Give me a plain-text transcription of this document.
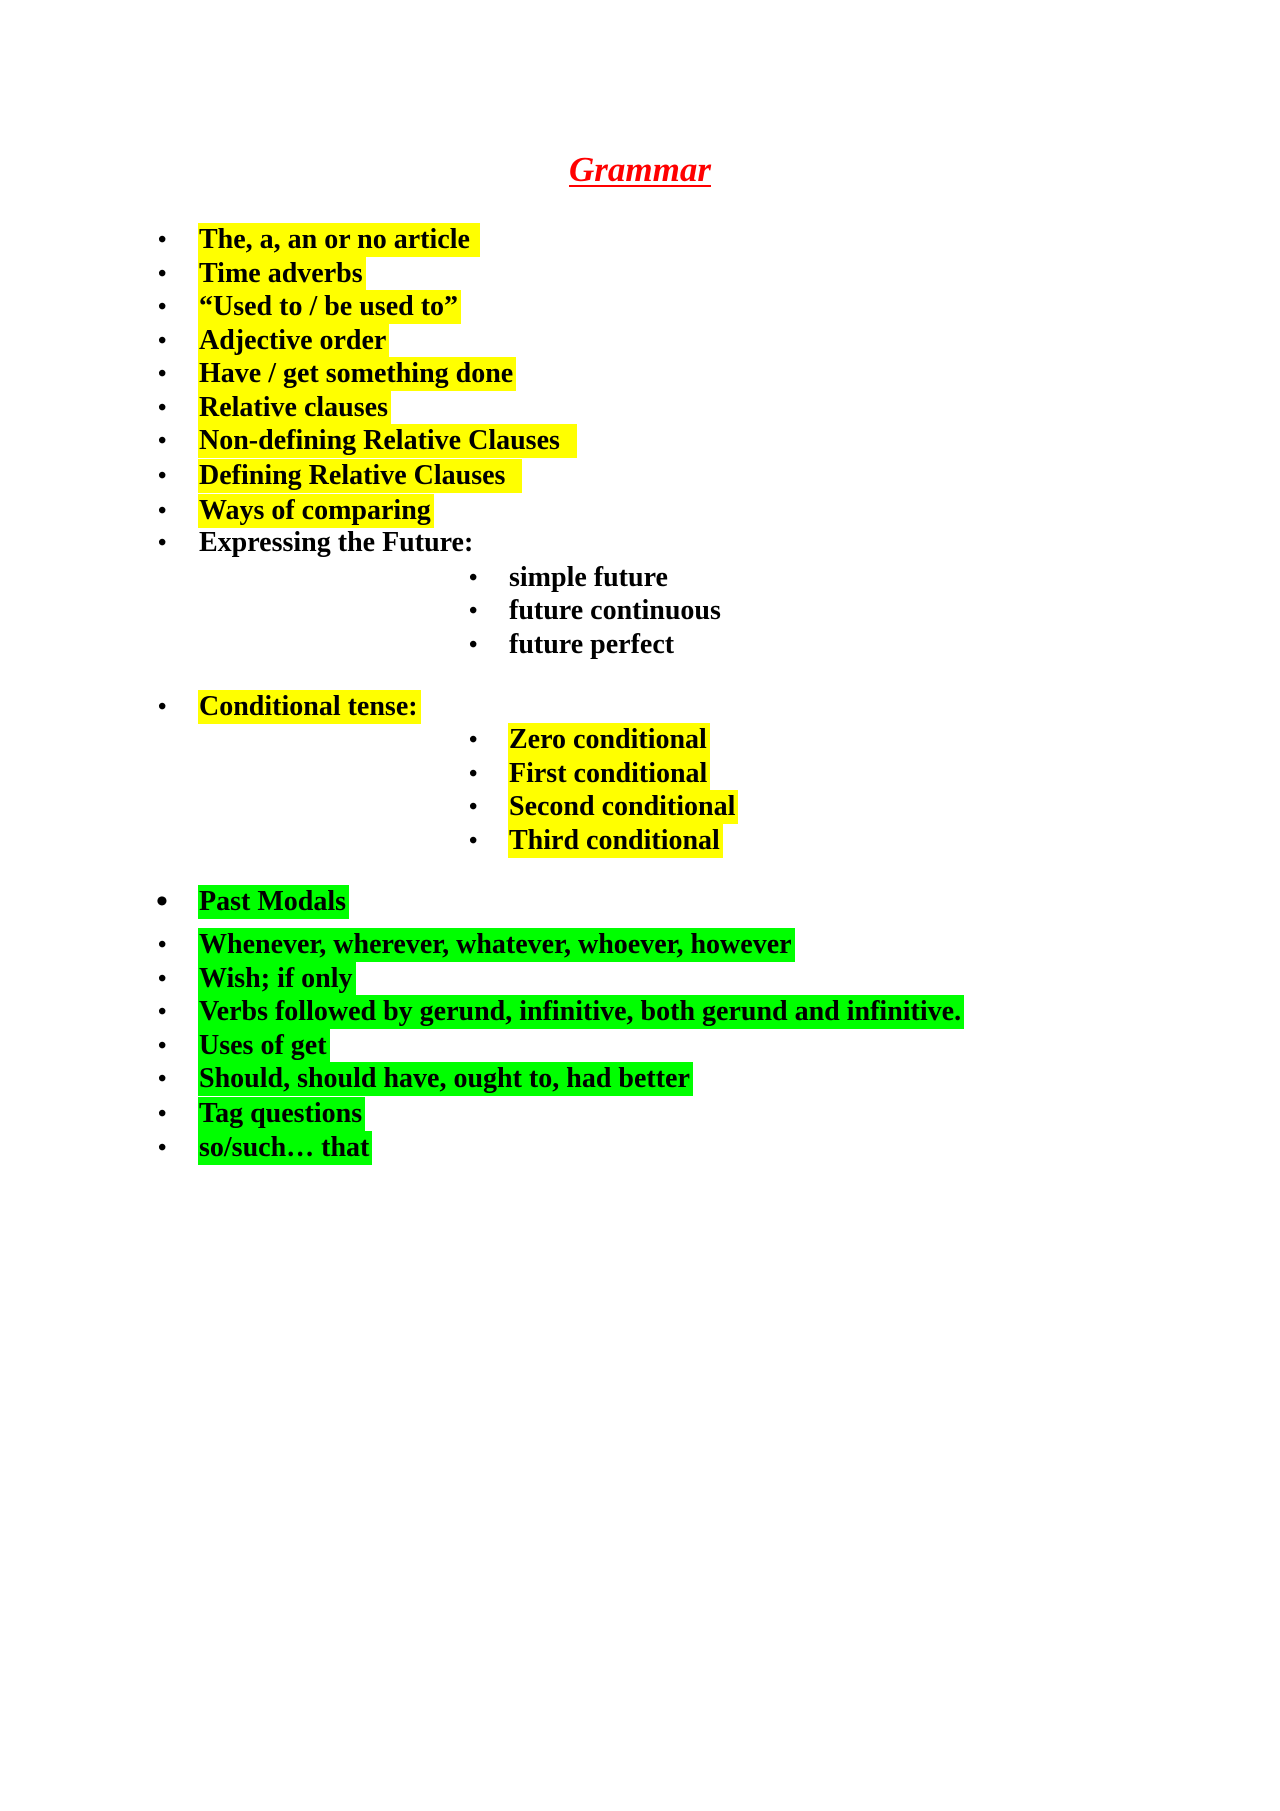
Grammar
• The, a, an or no article
• Time adverbs
• “Used to / be used to”
• Adjective order
• Have / get something done
• Relative clauses
• Non-defining Relative Clauses
• Defining Relative Clauses
• Ways of comparing
• Expressing the Future:
• simple future
• future continuous
• future perfect
• Conditional tense:
• Zero conditional
• First conditional
• Second conditional
• Third conditional
• Past Modals
• Whenever, wherever, whatever, whoever, however
• Wish; if only
• Verbs followed by gerund, infinitive, both gerund and infinitive.
• Uses of get
• Should, should have, ought to, had better
• Tag questions
• so/such… that
